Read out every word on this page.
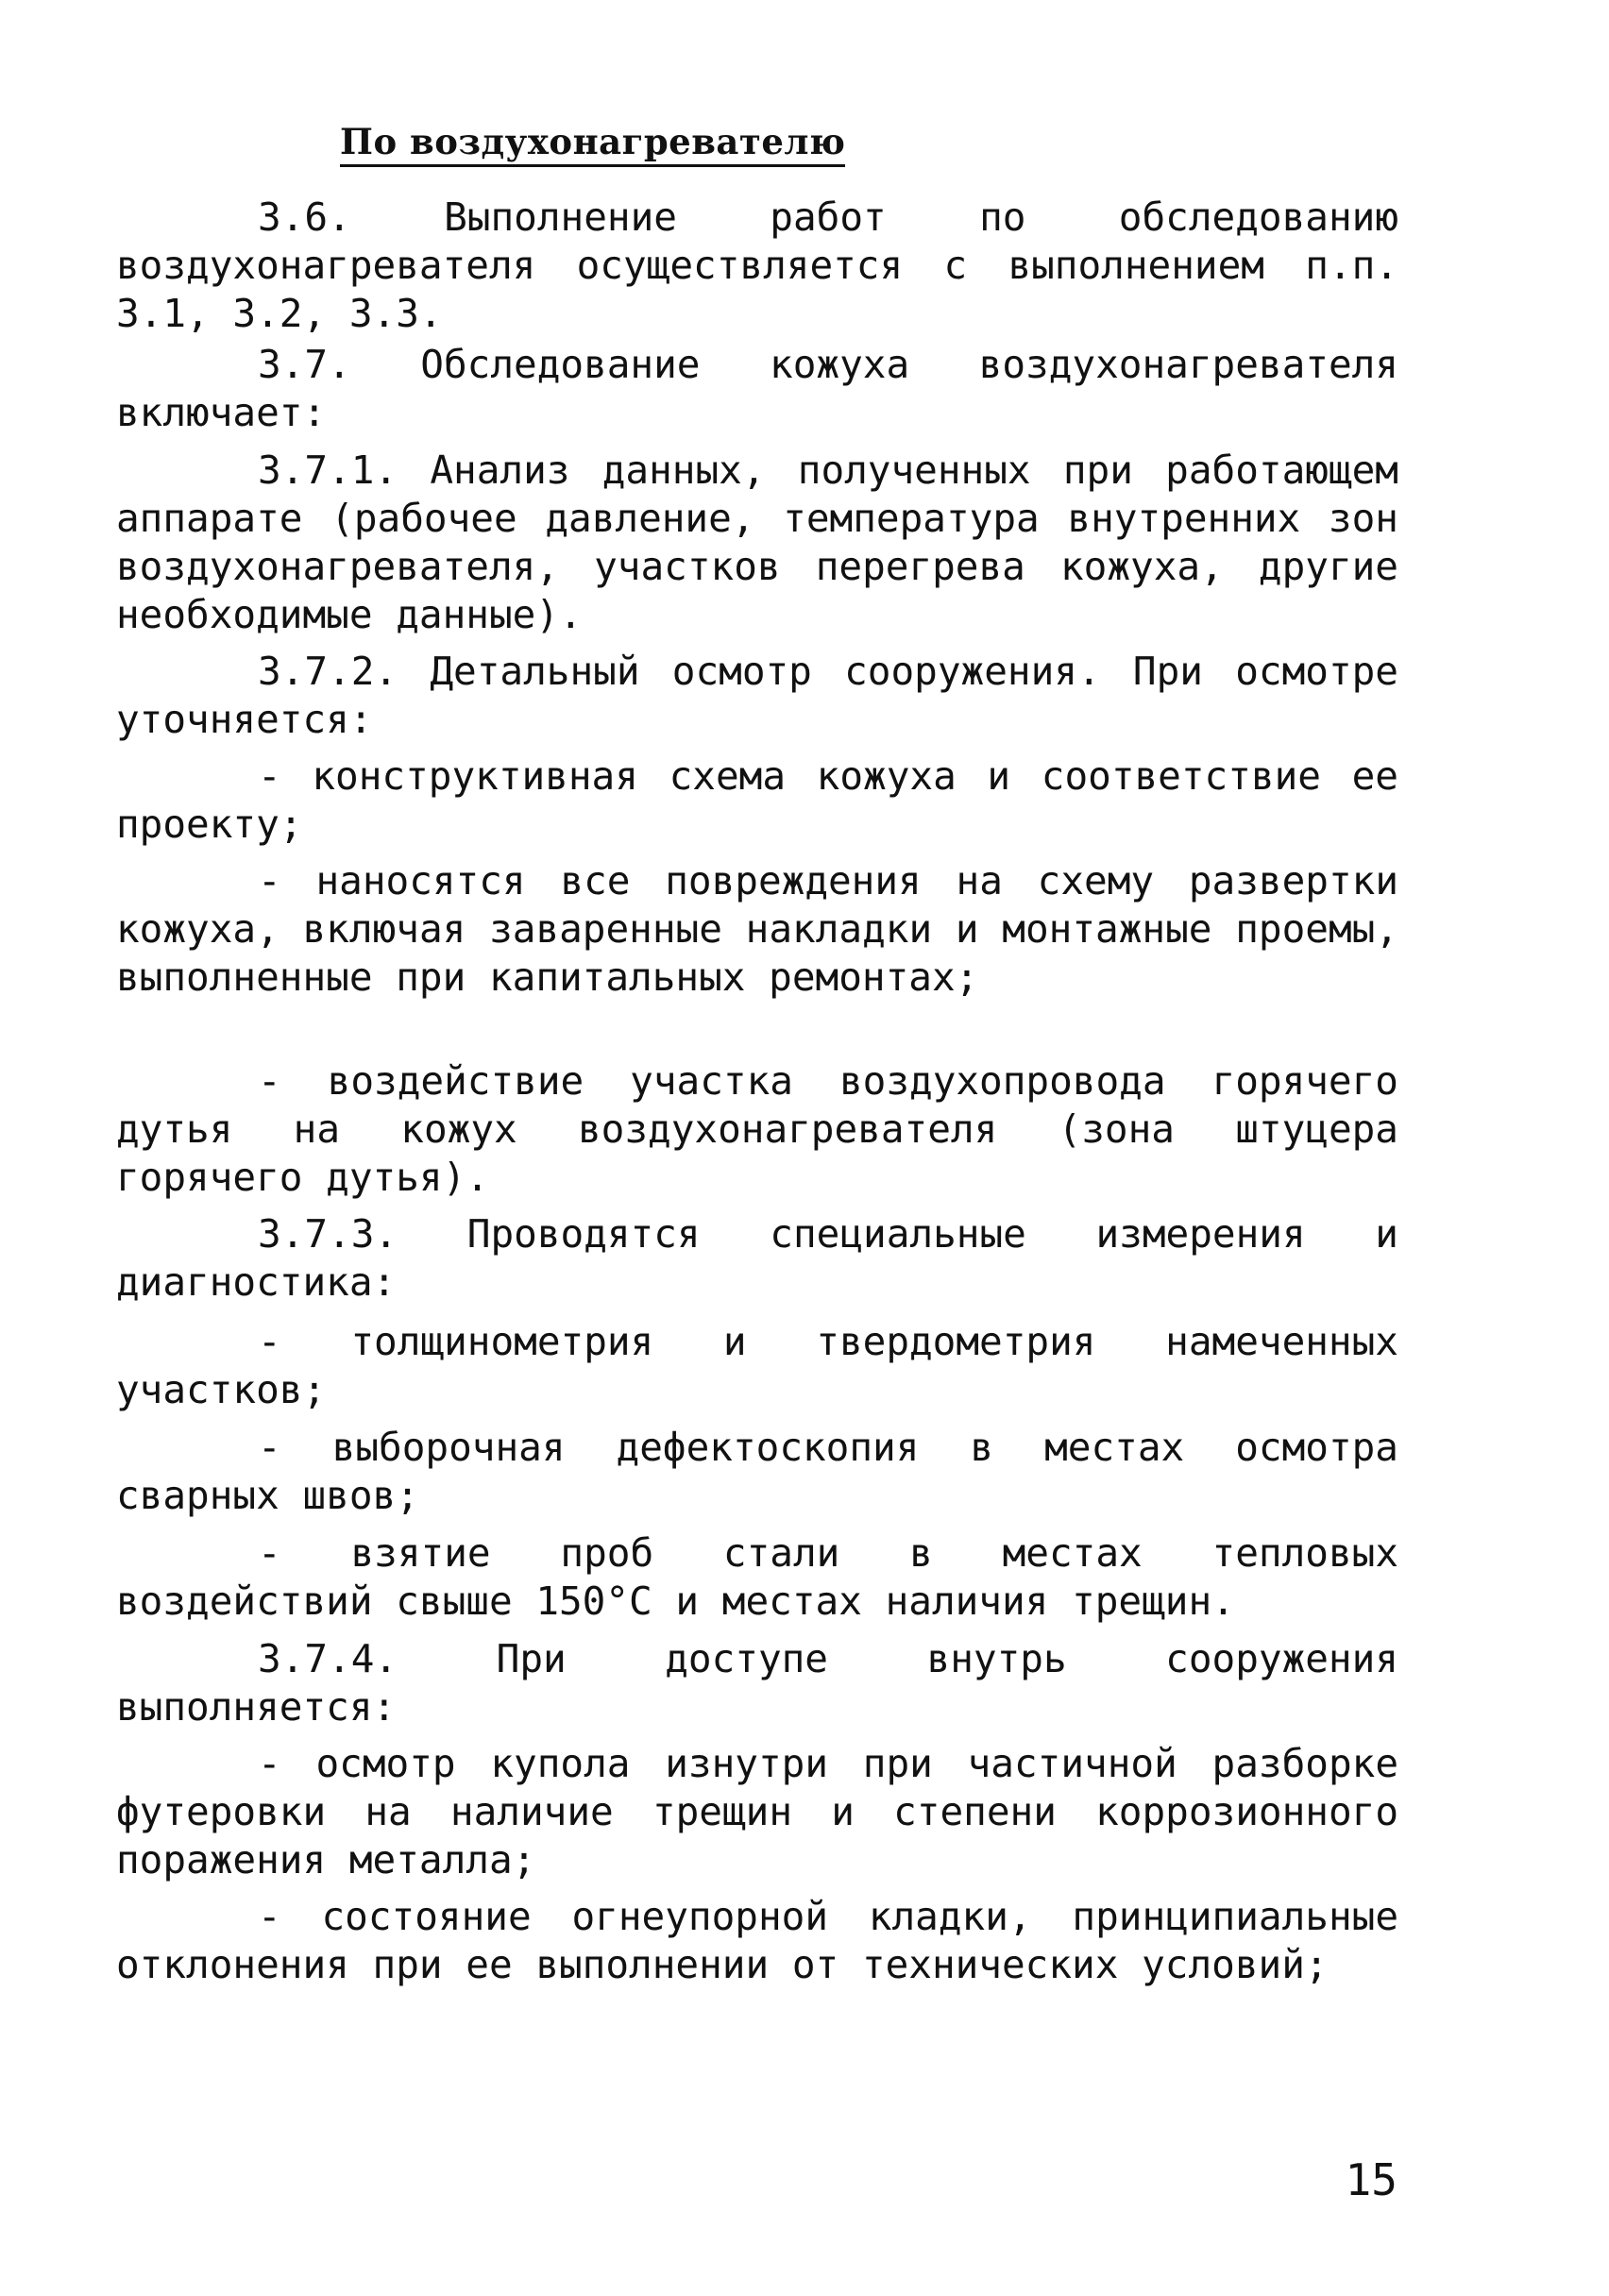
По воздухонагревателю
3.6. Выполнение работ по обследованию воздухонагревателя осуществляется с выполнением п.п. 3.1, 3.2, 3.3.
3.7. Обследование кожуха воздухонагревателя включает:
3.7.1. Анализ данных, полученных при работающем аппарате (рабочее давление, температура внутренних зон воздухонагревателя, участков перегрева кожуха, другие необходимые данные).
3.7.2. Детальный осмотр сооружения. При осмотре уточняется:
- конструктивная схема кожуха и соответствие ее проекту;
- наносятся все повреждения на схему развертки кожуха, включая заваренные накладки и монтажные проемы, выполненные при капитальных ремонтах;
- воздействие участка воздухопровода горячего дутья на кожух воздухонагревателя (зона штуцера горячего дутья).
3.7.3. Проводятся специальные измерения и диагностика:
- толщинометрия и твердометрия намеченных участков;
- выборочная дефектоскопия в местах осмотра сварных швов;
- взятие проб стали в местах тепловых воздействий свыше 150°С и местах наличия трещин.
3.7.4. При доступе внутрь сооружения выполняется:
- осмотр купола изнутри при частичной разборке футеровки на наличие трещин и степени коррозионного поражения металла;
- состояние огнеупорной кладки, принципиальные отклонения при ее выполнении от технических условий;
15
